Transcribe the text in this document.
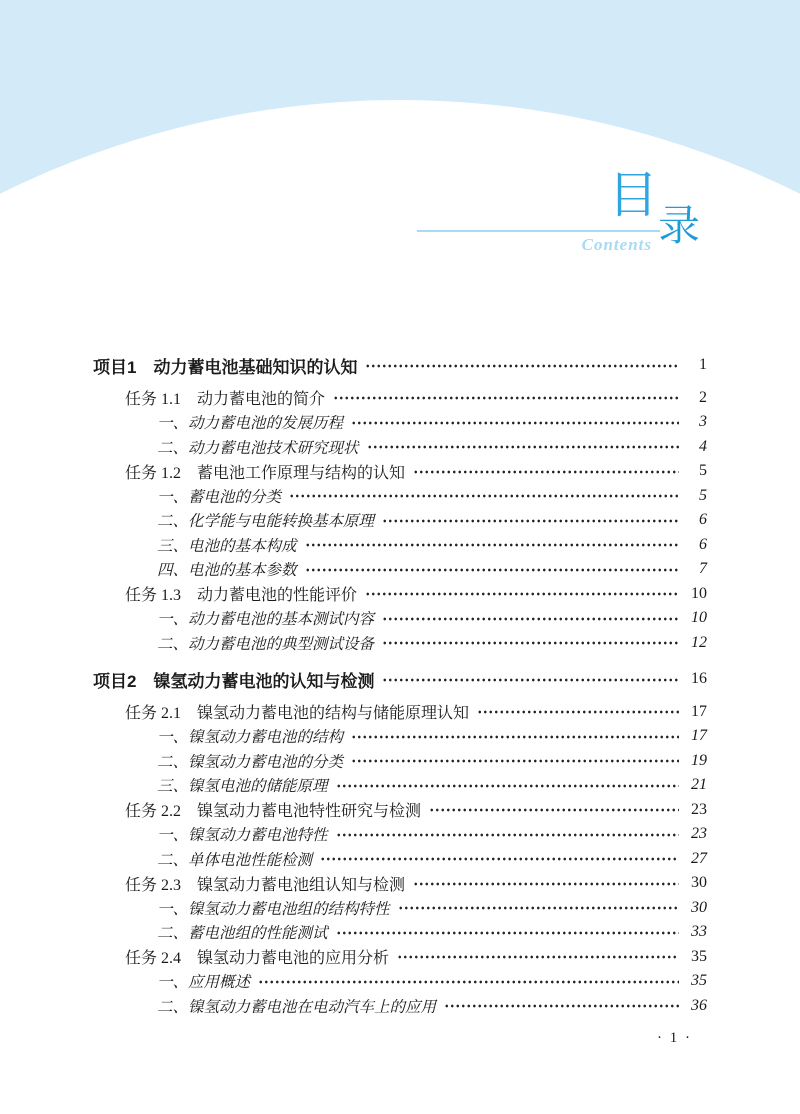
目
录
Contents
项目1　动力蓄电池基础知识的认知	1
任务 1.1　动力蓄电池的简介	2
一、动力蓄电池的发展历程	3
二、动力蓄电池技术研究现状	4
任务 1.2　蓄电池工作原理与结构的认知	5
一、蓄电池的分类	5
二、化学能与电能转换基本原理	6
三、电池的基本构成	6
四、电池的基本参数	7
任务 1.3　动力蓄电池的性能评价	10
一、动力蓄电池的基本测试内容	10
二、动力蓄电池的典型测试设备	12
项目2　镍氢动力蓄电池的认知与检测	16
任务 2.1　镍氢动力蓄电池的结构与储能原理认知	17
一、镍氢动力蓄电池的结构	17
二、镍氢动力蓄电池的分类	19
三、镍氢电池的储能原理	21
任务 2.2　镍氢动力蓄电池特性研究与检测	23
一、镍氢动力蓄电池特性	23
二、单体电池性能检测	27
任务 2.3　镍氢动力蓄电池组认知与检测	30
一、镍氢动力蓄电池组的结构特性	30
二、蓄电池组的性能测试	33
任务 2.4　镍氢动力蓄电池的应用分析	35
一、应用概述	35
二、镍氢动力蓄电池在电动汽车上的应用	36
· 1 ·
